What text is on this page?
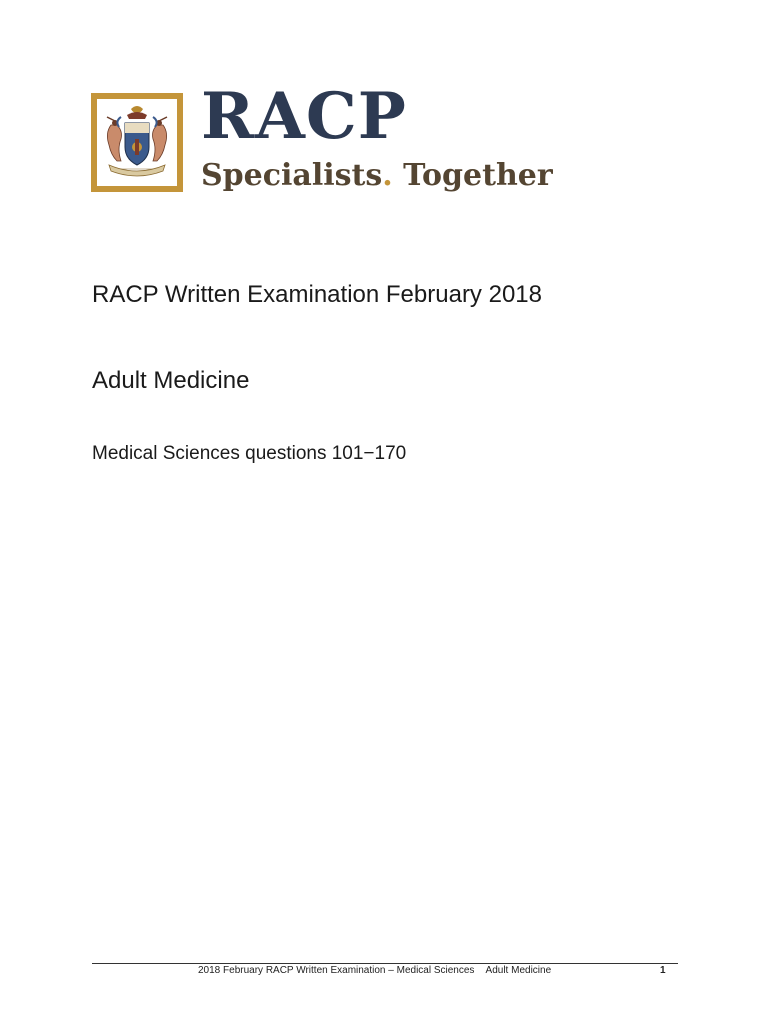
RACP
Specialists. Together
RACP Written Examination February 2018
Adult Medicine
Medical Sciences questions 101−170
2018 February RACP Written Examination – Medical Sciences    Adult Medicine	1
